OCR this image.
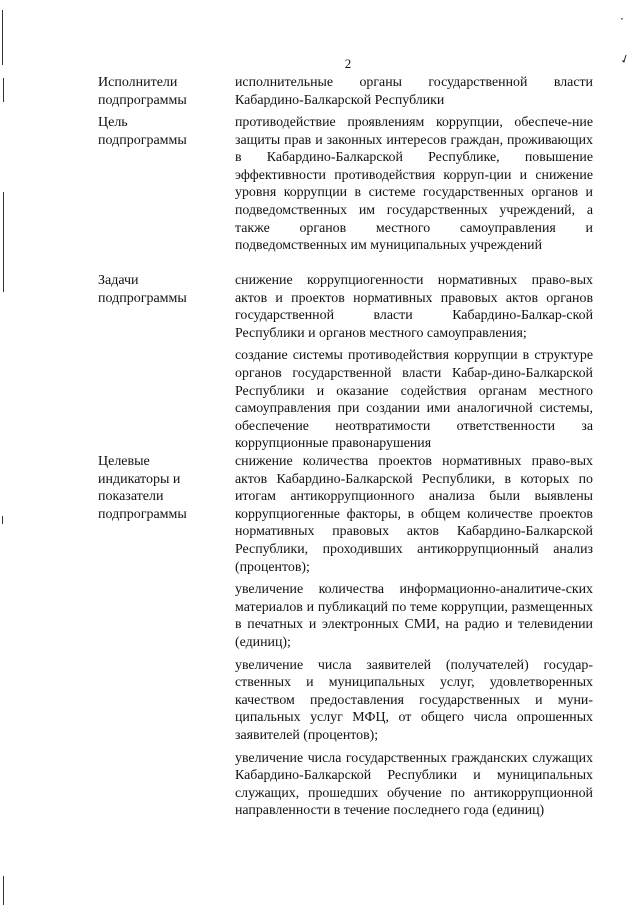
2
Исполнители подпрограммы

исполнительные органы государственной власти Кабардино-Балкарской Республики

Цель подпрограммы

противодействие проявлениям коррупции, обеспече-ние защиты прав и законных интересов граждан, проживающих в Кабардино-Балкарской Республике, повышение эффективности противодействия корруп-ции и снижение уровня коррупции в системе государственных органов и подведомственных им государственных учреждений, а также органов местного самоуправления и подведомственных им муниципальных учреждений

Задачи подпрограммы

снижение коррупциогенности нормативных право-вых актов и проектов нормативных правовых актов органов государственной власти Кабардино-Балкар-ской Республики и органов местного самоуправления;

создание системы противодействия коррупции в структуре органов государственной власти Кабар-дино-Балкарской Республики и оказание содействия органам местного самоуправления при создании ими аналогичной системы, обеспечение неотвратимости ответственности за коррупционные правонарушения

Целевые индикаторы и показатели подпрограммы

снижение количества проектов нормативных право-вых актов Кабардино-Балкарской Республики, в которых по итогам антикоррупционного анализа были выявлены коррупциогенные факторы, в общем количестве проектов нормативных правовых актов Кабардино-Балкарской Республики, проходивших антикоррупционный анализ (процентов);

увеличение количества информационно-аналитиче-ских материалов и публикаций по теме коррупции, размещенных в печатных и электронных СМИ, на радио и телевидении (единиц);

увеличение числа заявителей (получателей) государ-ственных и муниципальных услуг, удовлетворенных качеством предоставления государственных и муни-ципальных услуг МФЦ, от общего числа опрошенных заявителей (процентов);

увеличение числа государственных гражданских служащих Кабардино-Балкарской Республики и муниципальных служащих, прошедших обучение по антикоррупционной направленности в течение последнего года (единиц)

·
✓
